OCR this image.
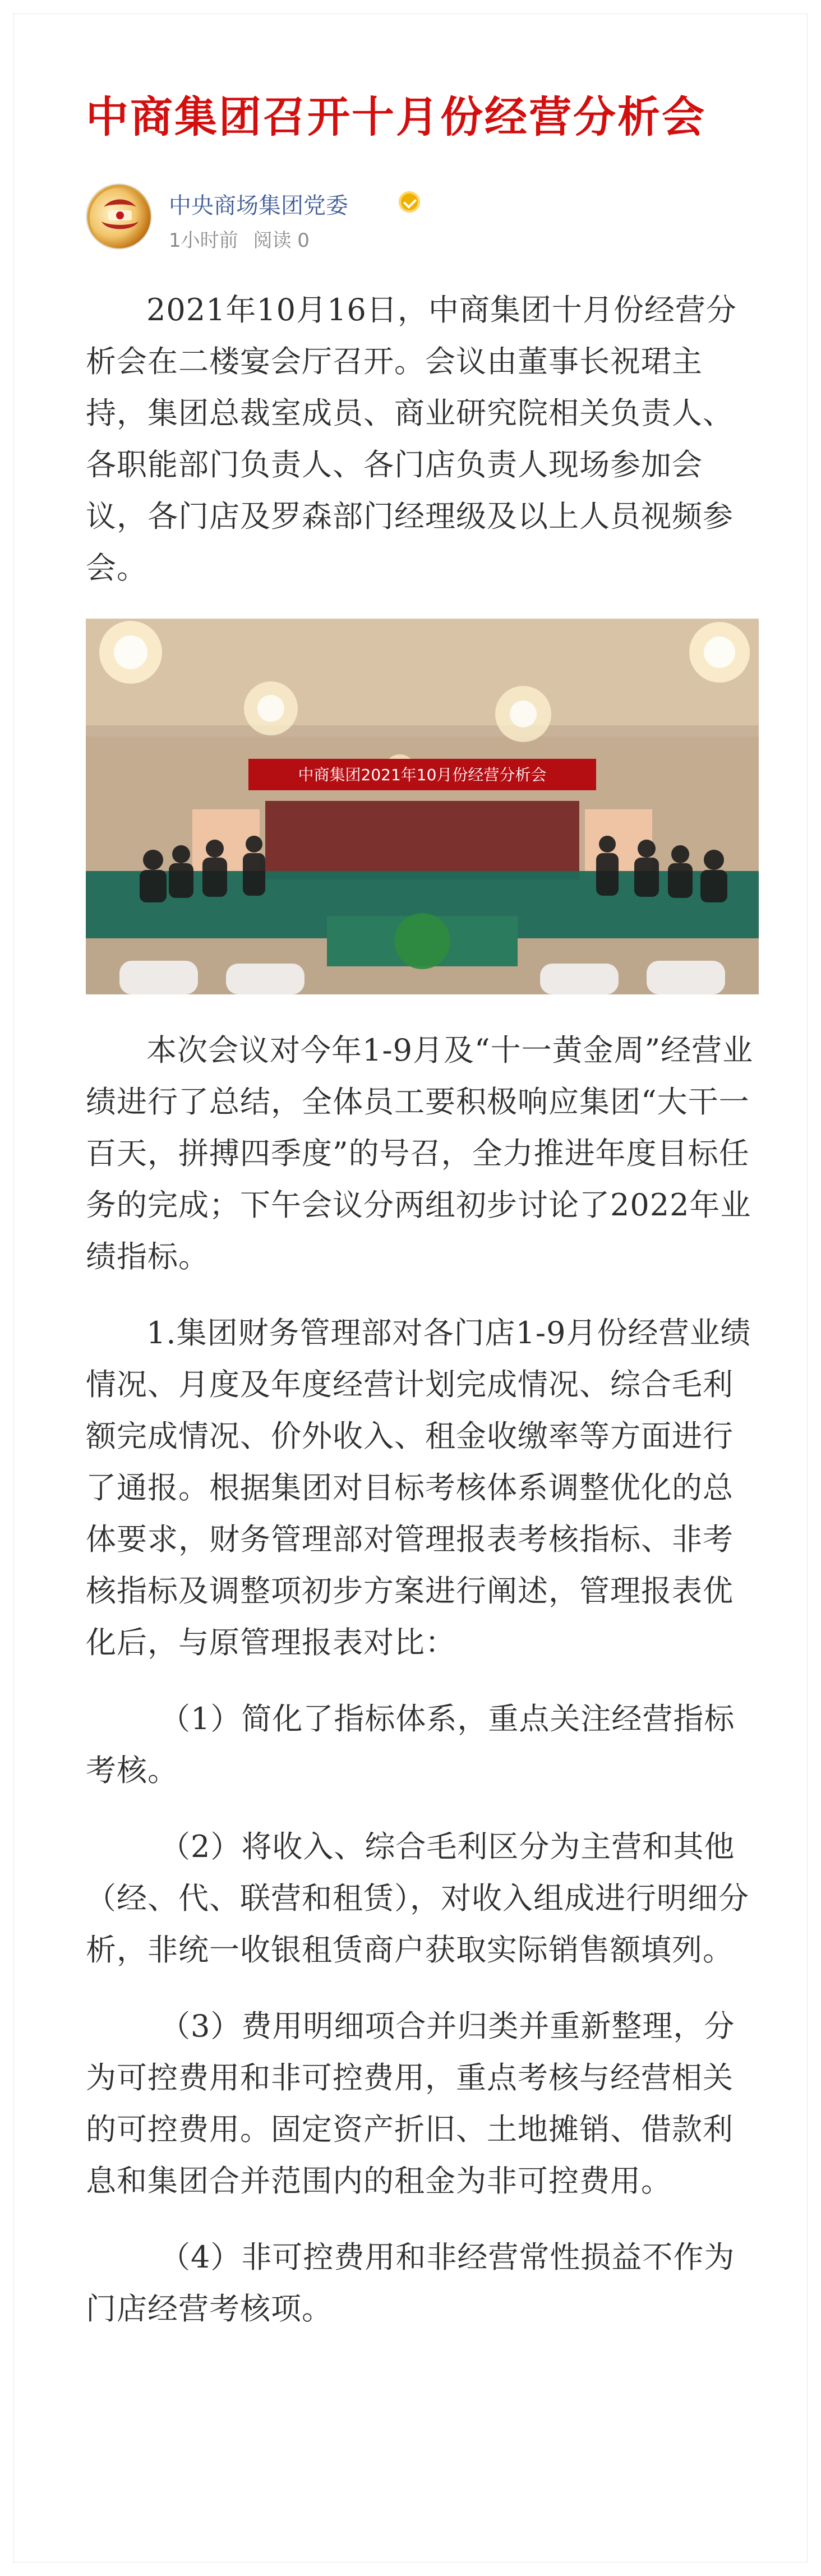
中商集团召开十月份经营分析会
中央商场集团党委
1小时前 阅读 0

2021年10月16日，中商集团十月份经营分析会在二楼宴会厅召开。会议由董事长祝珺主持，集团总裁室成员、商业研究院相关负责人、各职能部门负责人、各门店负责人现场参加会议，各门店及罗森部门经理级及以上人员视频参会。

中商集团2021年10月份经营分析会

本次会议对今年1-9月及“十一黄金周”经营业绩进行了总结，全体员工要积极响应集团“大干一百天，拼搏四季度”的号召，全力推进年度目标任务的完成；下午会议分两组初步讨论了2022年业绩指标。

1.集团财务管理部对各门店1-9月份经营业绩情况、月度及年度经营计划完成情况、综合毛利额完成情况、价外收入、租金收缴率等方面进行了通报。根据集团对目标考核体系调整优化的总体要求，财务管理部对管理报表考核指标、非考核指标及调整项初步方案进行阐述，管理报表优化后，与原管理报表对比：

（1）简化了指标体系，重点关注经营指标考核。

（2）将收入、综合毛利区分为主营和其他（经、代、联营和租赁），对收入组成进行明细分析，非统一收银租赁商户获取实际销售额填列。

（3）费用明细项合并归类并重新整理，分为可控费用和非可控费用，重点考核与经营相关的可控费用。固定资产折旧、土地摊销、借款利息和集团合并范围内的租金为非可控费用。

（4）非可控费用和非经营常性损益不作为门店经营考核项。
